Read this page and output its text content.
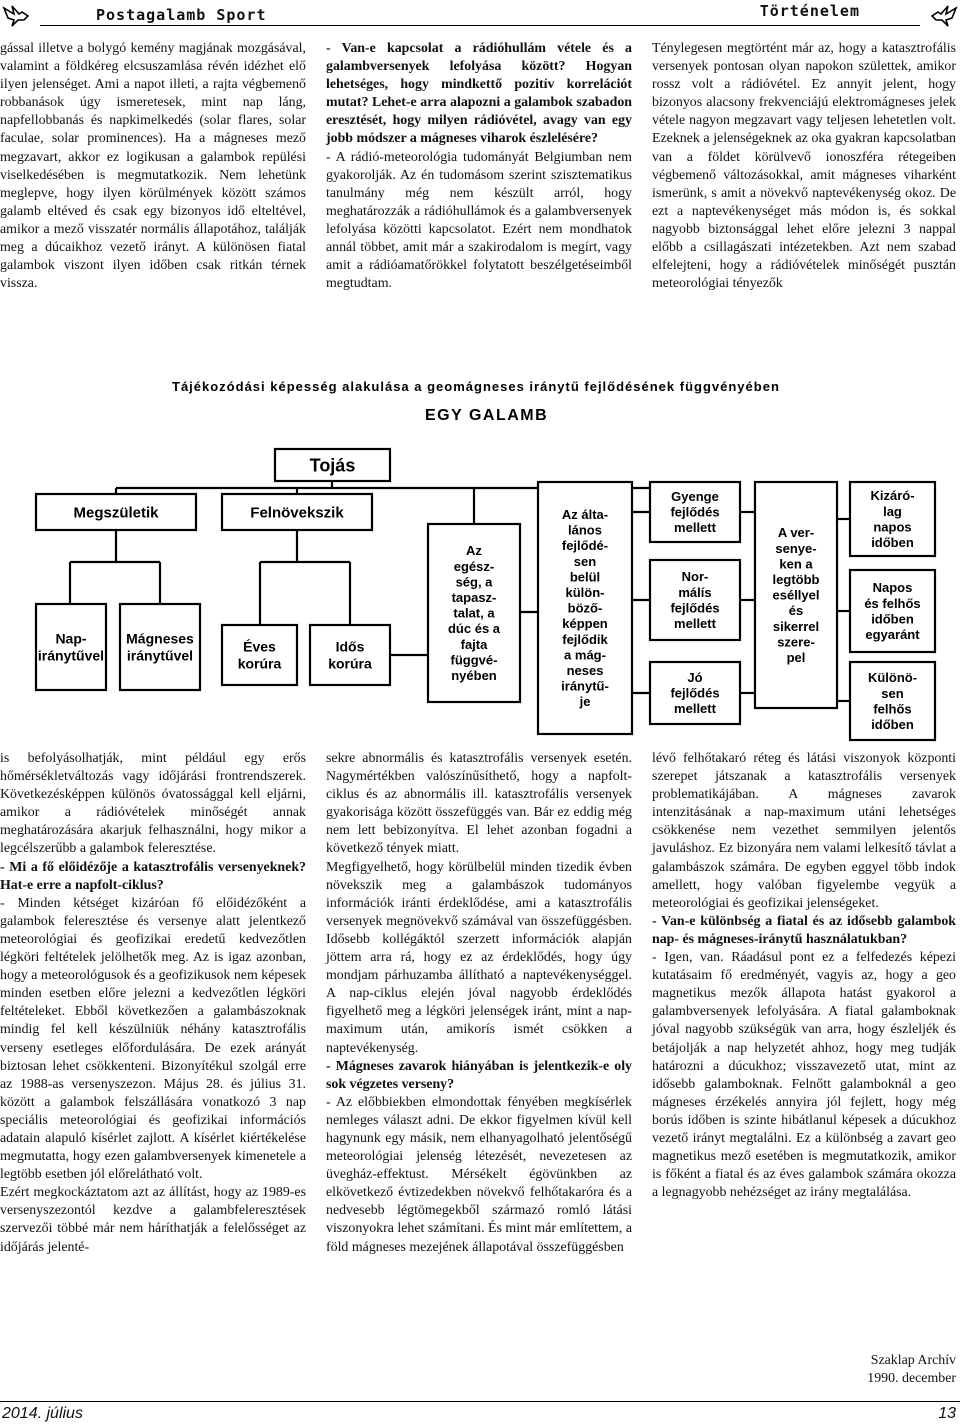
Postagalamb Sport	Történelem

gással illetve a bolygó kemény magjának mozgásával, valamint a földkéreg elcsuszamlása révén idézhet elő ilyen jelenséget. Ami a napot illeti, a rajta végbemenő robbanások úgy ismeretesek, mint nap láng, napfellobbanás és napkimelkedés (solar flares, solar faculae, solar prominences). Ha a mágneses mező megzavart, akkor ez logikusan a galambok repülési viselkedésében is megmutatkozik. Nem lehetünk meglepve, hogy ilyen körülmények között számos galamb eltéved és csak egy bizonyos idő elteltével, amikor a mező visszatér normális állapotához, találják meg a dúcaikhoz vezető irányt. A különösen fiatal galambok viszont ilyen időben csak ritkán térnek vissza.

- Van-e kapcsolat a rádióhullám vétele és a galambversenyek lefolyása között? Hogyan lehetséges, hogy mindkettő pozitív korrelációt mutat? Lehet-e arra alapozni a galambok szabadon eresztését, hogy milyen rádióvétel, avagy van egy jobb módszer a mágneses viharok észlelésére?

- A rádió-meteorológia tudományát Belgiumban nem gyakorolják. Az én tudomásom szerint szisztematikus tanulmány még nem készült arról, hogy meghatározzák a rádióhullámok és a galambversenyek lefolyása közötti kapcsolatot. Ezért nem mondhatok annál többet, amit már a szakirodalom is megírt, vagy amit a rádióamatőrökkel folytatott beszélgetéseimből megtudtam.

Ténylegesen megtörtént már az, hogy a katasztrofális versenyek pontosan olyan napokon születtek, amikor rossz volt a rádióvétel. Ez annyit jelent, hogy bizonyos alacsony frekvenciájú elektromágneses jelek vétele nagyon megzavart vagy teljesen lehetetlen volt. Ezeknek a jelenségeknek az oka gyakran kapcsolatban van a földet körülvevő ionoszféra rétegeiben végbemenő változásokkal, amit mágneses viharként ismerünk, s amit a növekvő naptevékenység okoz. De ezt a naptevékenységet más módon is, és sokkal nagyobb biztonsággal lehet előre jelezni 3 nappal előbb a csillagászati intézetekben. Azt nem szabad elfelejteni, hogy a rádióvételek minőségét pusztán meteorológiai tényezők

Tájékozódási képesség alakulása a geomágneses iránytű fejlődésének függvényében
EGY GALAMB
Tojás
Megszületik	Felnövekszik
Nap-iránytűvel
Mágneses iránytűvel
Éves korúra
Idős korúra
Az egész-ség, a tapasz-talat, a dúc és a fajta függvé-nyében
Az álta-lános fejlődé-sen belül külön-böző-képpen fejlődik a mág-neses iránytű-je
Gyenge fejlődés mellett
Nor-málís fejlődés mellett
Jó fejlődés mellett
A ver-senye-ken a legtöbb eséllyel és sikerrel szere-pel
Kizáró-lag napos időben
Napos és felhős időben egyaránt
Különö-sen felhős időben

is befolyásolhatják, mint például egy erős hőmérsékletváltozás vagy időjárási frontrendszerek. Következésképpen különös óvatossággal kell eljárni, amikor a rádióvételek minőségét annak meghatározására akarjuk felhasználni, hogy mikor a legcélszerűbb a galambok feleresztése.

- Mi a fő előidézője a katasztrofális versenyeknek? Hat-e erre a napfolt-ciklus?

- Minden kétséget kizáróan fő előidézőként a galambok feleresztése és versenye alatt jelentkező meteorológiai és geofizikai eredetű kedvezőtlen légköri feltételek jelölhetők meg. Az is igaz azonban, hogy a meteorológusok és a geofizikusok nem képesek minden esetben előre jelezni a kedvezőtlen légköri feltételeket. Ebből következően a galambászoknak mindig fel kell készülniük néhány katasztrofális verseny esetleges előfordulására. De ezek arányát biztosan lehet csökkenteni. Bizonyítékul szolgál erre az 1988-as versenyszezon. Május 28. és július 31. között a galambok felszállására vonatkozó 3 nap speciális meteorológiai és geofizikai információs adatain alapuló kísérlet zajlott. A kísérlet kiértékelése megmutatta, hogy ezen galambversenyek kimenetele a legtöbb esetben jól előrelátható volt.

Ezért megkockáztatom azt az állítást, hogy az 1989-es versenyszezontól kezdve a galambfeleresztések szervezői többé már nem háríthatják a felelősséget az időjárás jelenté-

sekre abnormális és katasztrofális versenyek esetén. Nagymértékben valószínűsíthető, hogy a napfolt-ciklus és az abnormális ill. katasztrofális versenyek gyakorisága között összefüggés van. Bár ez eddig még nem lett bebizonyítva. El lehet azonban fogadni a következő tények miatt.

Megfigyelhető, hogy körülbelül minden tizedik évben növekszik meg a galambászok tudományos információk iránti érdeklődése, ami a katasztrofális versenyek megnövekvő számával van összefüggésben. Idősebb kollégáktól szerzett információk alapján jöttem arra rá, hogy ez az érdeklődés, hogy úgy mondjam párhuzamba állítható a naptevékenységgel. A nap-ciklus elején jóval nagyobb érdeklődés figyelhető meg a légköri jelenségek iránt, mint a nap-maximum után, amikorís ismét csökken a naptevékenység.

- Mágneses zavarok hiányában is jelentkezik-e oly sok végzetes verseny?

- Az előbbiekben elmondottak fényében megkísérlek nemleges választ adni. De ekkor figyelmen kívül kell hagynunk egy másik, nem elhanyagolható jelentőségű meteorológiai jelenség létezését, nevezetesen az üvegház-effektust. Mérsékelt égövünkben az elkövetkező évtizedekben növekvő felhőtakaróra és a nedvesebb légtömegekből származó romló látási viszonyokra lehet számítani. És mint már említettem, a föld mágneses mezejének állapotával összefüggésben

lévő felhőtakaró réteg és látási viszonyok központi szerepet játszanak a katasztrofális versenyek problematikájában. A mágneses zavarok intenzitásának a nap-maximum utáni lehetséges csökkenése nem vezethet semmilyen jelentős javuláshoz. Ez bizonyára nem valami lelkesítő távlat a galambászok számára. De egyben eggyel több indok amellett, hogy valóban figyelembe vegyük a meteorológiai és geofizikai jelenségeket.

- Van-e különbség a fiatal és az idősebb galambok nap- és mágneses-iránytű használatukban?

- Igen, van. Ráadásul pont ez a felfedezés képezi kutatásaim fő eredményét, vagyis az, hogy a geo magnetikus mezők állapota hatást gyakorol a galambversenyek lefolyására. A fiatal galamboknak jóval nagyobb szükségük van arra, hogy észleljék és betájolják a nap helyzetét ahhoz, hogy meg tudják határozni a dúcukhoz; visszavezető utat, mint az idősebb galamboknak. Felnőtt galamboknál a geo mágneses érzékelés annyira jól fejlett, hogy még borús időben is szinte hibátlanul képesek a dúcukhoz vezető irányt megtalálni. Ez a különbség a zavart geo magnetikus mező esetében is megmutatkozik, amikor is főként a fiatal és az éves galambok számára okozza a legnagyobb nehézséget az irány megtalálása.

Szaklap Archív

1990. december

2014. július	13
